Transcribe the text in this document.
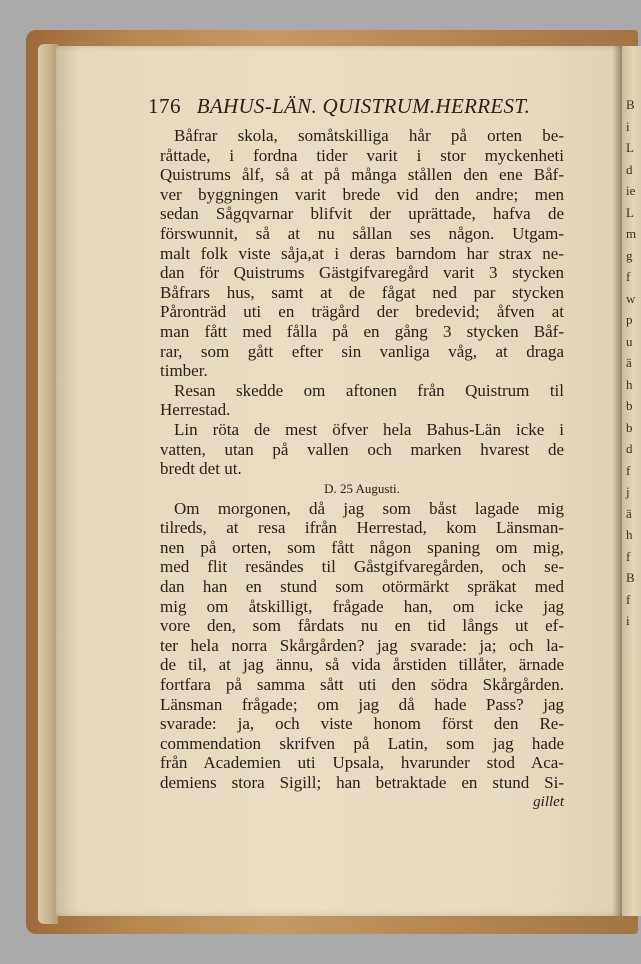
B
i
L
d
ie
L
m
g
f
w
p
u
ä
h
b
b
d
f
j
ä
h
f
B
f
i
176 BAHUS-LÄN. QUISTRUM.HERREST.
Båfrar skola, somåtskilliga hår på orten be-
råttade, i fordna tider varit i stor myckenheti
Quistrums ålf, så at på många stållen den ene Båf-
ver byggningen varit brede vid den andre; men
sedan Sågqvarnar blifvit der uprättade, hafva de
förswunnit, så at nu sållan ses någon. Utgam-
malt folk viste såja,at i deras barndom har strax ne-
dan för Quistrums Gästgifvaregård varit 3 stycken
Båfrars hus, samt at de fågat ned par stycken
Påronträd uti en trägård der bredevid; åfven at
man fått med fålla på en gång 3 stycken Båf-
rar, som gått efter sin vanliga våg, at draga
timber.
Resan skedde om aftonen från Quistrum til
Herrestad.
Lin röta de mest öfver hela Bahus-Län icke i
vatten, utan på vallen och marken hvarest de
bredt det ut.
D. 25 Augusti.
Om morgonen, då jag som båst lagade mig
tilreds, at resa ifrån Herrestad, kom Länsman-
nen på orten, som fått någon spaning om mig,
med flit resändes til Gåstgifvaregården, och se-
dan han en stund som otörmärkt spräkat med
mig om åtskilligt, frågade han, om icke jag
vore den, som fårdats nu en tid långs ut ef-
ter hela norra Skårgården? jag svarade: ja; och la-
de til, at jag ännu, så vida årstiden tillåter, ärnade
fortfara på samma sått uti den södra Skårgården.
Länsman frågade; om jag då hade Pass? jag
svarade: ja, och viste honom först den Re-
commendation skrifven på Latin, som jag hade
från Academien uti Upsala, hvarunder stod Aca-
demiens stora Sigill; han betraktade en stund Si-
gillet
